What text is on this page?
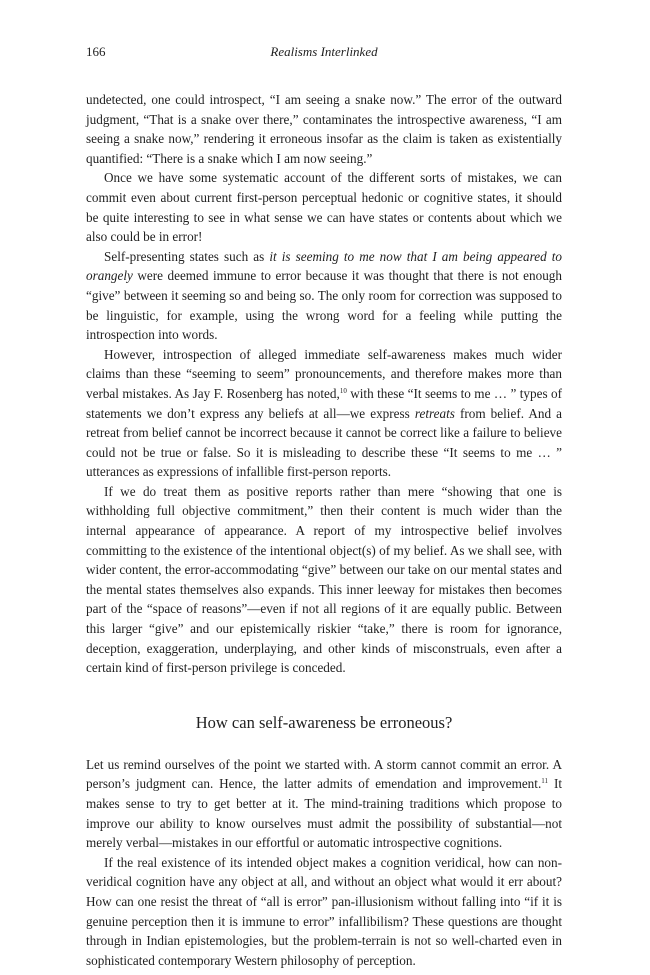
166	Realisms Interlinked

undetected, one could introspect, “I am seeing a snake now.” The error of the outward judgment, “That is a snake over there,” contaminates the introspective awareness, “I am seeing a snake now,” rendering it erroneous insofar as the claim is taken as existentially quantified: “There is a snake which I am now seeing.”

Once we have some systematic account of the different sorts of mistakes, we can commit even about current first-person perceptual hedonic or cognitive states, it should be quite interesting to see in what sense we can have states or contents about which we also could be in error!

Self-presenting states such as it is seeming to me now that I am being appeared to orangely were deemed immune to error because it was thought that there is not enough “give” between it seeming so and being so. The only room for correction was supposed to be linguistic, for example, using the wrong word for a feeling while putting the introspection into words.

However, introspection of alleged immediate self-awareness makes much wider claims than these “seeming to seem” pronouncements, and therefore makes more than verbal mistakes. As Jay F. Rosenberg has noted,$^{10}$ with these “It seems to me … ” types of statements we don’t express any beliefs at all—we express retreats from belief. And a retreat from belief cannot be incorrect because it cannot be correct like a failure to believe could not be true or false. So it is misleading to describe these “It seems to me … ” utterances as expressions of infallible first-person reports.

If we do treat them as positive reports rather than mere “showing that one is withholding full objective commitment,” then their content is much wider than the internal appearance of appearance. A report of my introspective belief involves committing to the existence of the intentional object(s) of my belief. As we shall see, with wider content, the error-accommodating “give” between our take on our mental states and the mental states themselves also expands. This inner leeway for mistakes then becomes part of the “space of reasons”—even if not all regions of it are equally public. Between this larger “give” and our epistemically riskier “take,” there is room for ignorance, deception, exaggeration, underplaying, and other kinds of misconstruals, even after a certain kind of first-person privilege is conceded.

How can self-awareness be erroneous?

Let us remind ourselves of the point we started with. A storm cannot commit an error. A person’s judgment can. Hence, the latter admits of emendation and improvement.$^{11}$ It makes sense to try to get better at it. The mind-training traditions which propose to improve our ability to know ourselves must admit the possibility of substantial—not merely verbal—mistakes in our effortful or automatic introspective cognitions.

If the real existence of its intended object makes a cognition veridical, how can non-veridical cognition have any object at all, and without an object what would it err about? How can one resist the threat of “all is error” pan-illusionism without falling into “if it is genuine perception then it is immune to error” infallibilism? These questions are thought through in Indian epistemologies, but the problem-terrain is not so well-charted even in sophisticated contemporary Western philosophy of perception.
